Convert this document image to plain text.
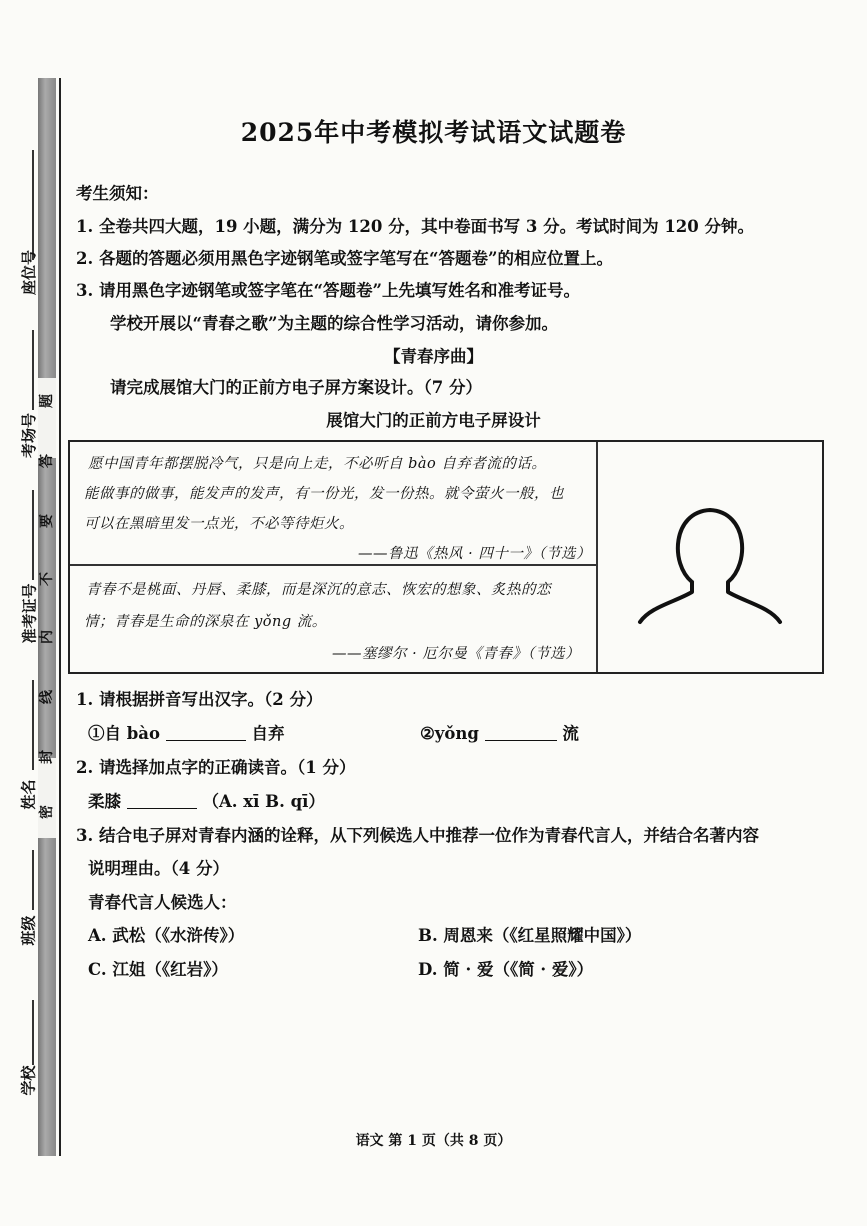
座位号
考场号
准考证号
姓名
班级
学校
题
答
要
不
内
线
封
密
2025年中考模拟考试语文试题卷
考生须知：
1. 全卷共四大题，19 小题，满分为 120 分，其中卷面书写 3 分。考试时间为 120 分钟。
2. 各题的答题必须用黑色字迹钢笔或签字笔写在“答题卷”的相应位置上。
3. 请用黑色字迹钢笔或签字笔在“答题卷”上先填写姓名和准考证号。
学校开展以“青春之歌”为主题的综合性学习活动，请你参加。
【青春序曲】
请完成展馆大门的正前方电子屏方案设计。（7 分）
展馆大门的正前方电子屏设计
愿中国青年都摆脱冷气，只是向上走，不必听自 bào 自弃者流的话。
能做事的做事，能发声的发声，有一份光，发一份热。就令萤火一般，也
可以在黑暗里发一点光，不必等待炬火。
——鲁迅《热风 · 四十一》（节选）
青春不是桃面、丹唇、柔膝，而是深沉的意志、恢宏的想象、炙热的恋
情；青春是生命的深泉在 yǒng 流。
——塞缪尔 · 厄尔曼《青春》（节选）
1. 请根据拼音写出汉字。（2 分）
①自 bào	自弃	②yǒng	流
2. 请选择加点字的正确读音。（1 分）
柔膝	（A. xī B. qī）
3. 结合电子屏对青春内涵的诠释，从下列候选人中推荐一位作为青春代言人，并结合名著内容
说明理由。（4 分）
青春代言人候选人：
A. 武松（《水浒传》）	B. 周恩来（《红星照耀中国》）
C. 江姐（《红岩》）	D. 简 · 爱（《简 · 爱》）
语文 第 1 页（共 8 页）
